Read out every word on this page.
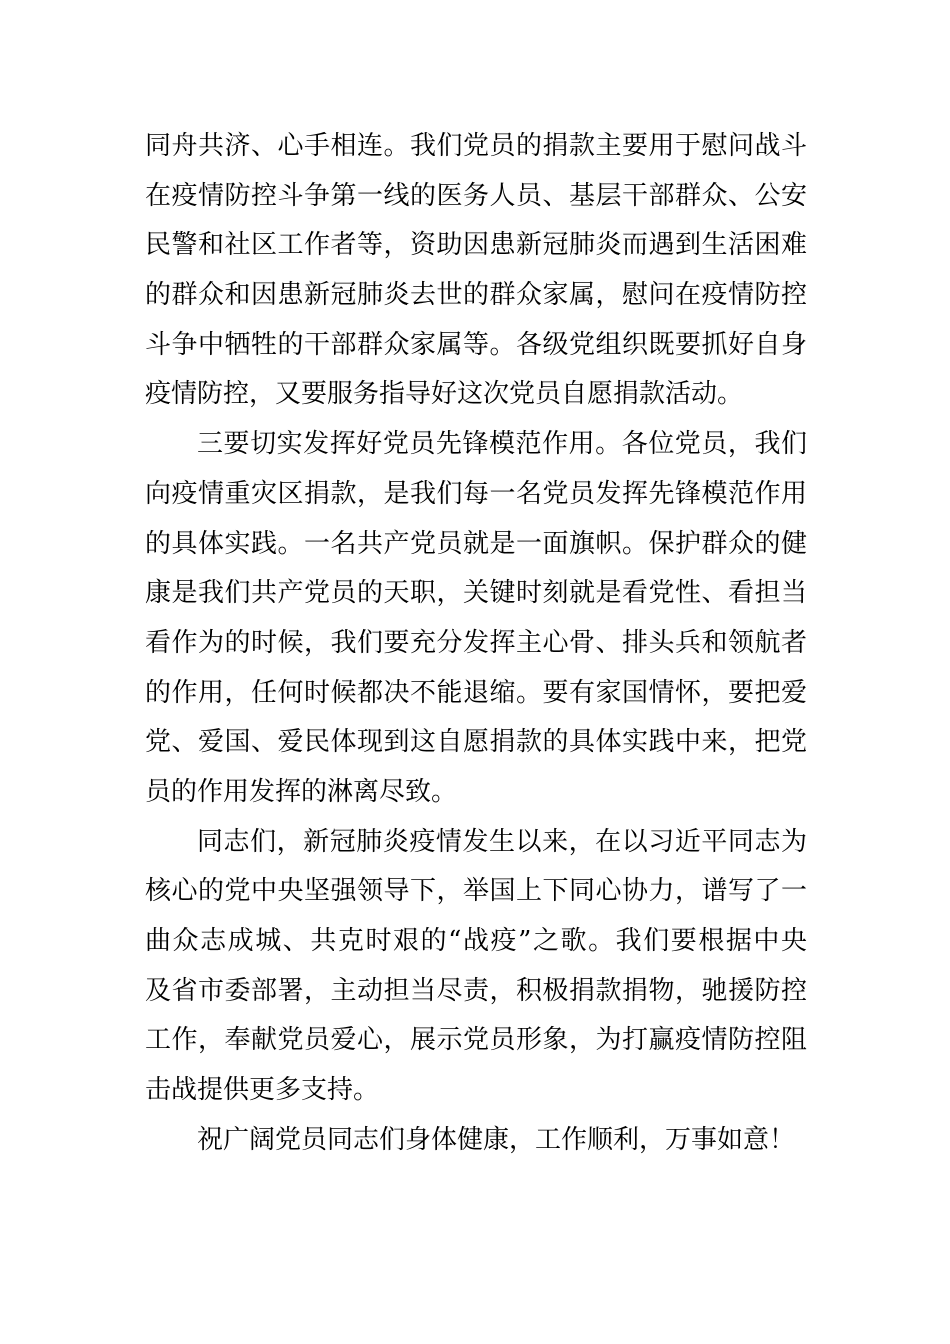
同舟共济、心手相连。我们党员的捐款主要用于慰问战斗
在疫情防控斗争第一线的医务人员、基层干部群众、公安
民警和社区工作者等，资助因患新冠肺炎而遇到生活困难
的群众和因患新冠肺炎去世的群众家属，慰问在疫情防控
斗争中牺牲的干部群众家属等。各级党组织既要抓好自身
疫情防控，又要服务指导好这次党员自愿捐款活动。
三要切实发挥好党员先锋模范作用。各位党员，我们
向疫情重灾区捐款，是我们每一名党员发挥先锋模范作用
的具体实践。一名共产党员就是一面旗帜。保护群众的健
康是我们共产党员的天职，关键时刻就是看党性、看担当
看作为的时候，我们要充分发挥主心骨、排头兵和领航者
的作用，任何时候都决不能退缩。要有家国情怀，要把爱
党、爱国、爱民体现到这自愿捐款的具体实践中来，把党
员的作用发挥的淋离尽致。
同志们，新冠肺炎疫情发生以来，在以习近平同志为
核心的党中央坚强领导下，举国上下同心协力，谱写了一
曲众志成城、共克时艰的“战疫”之歌。我们要根据中央
及省市委部署，主动担当尽责，积极捐款捐物，驰援防控
工作，奉献党员爱心，展示党员形象，为打赢疫情防控阻
击战提供更多支持。
祝广阔党员同志们身体健康，工作顺利，万事如意！
